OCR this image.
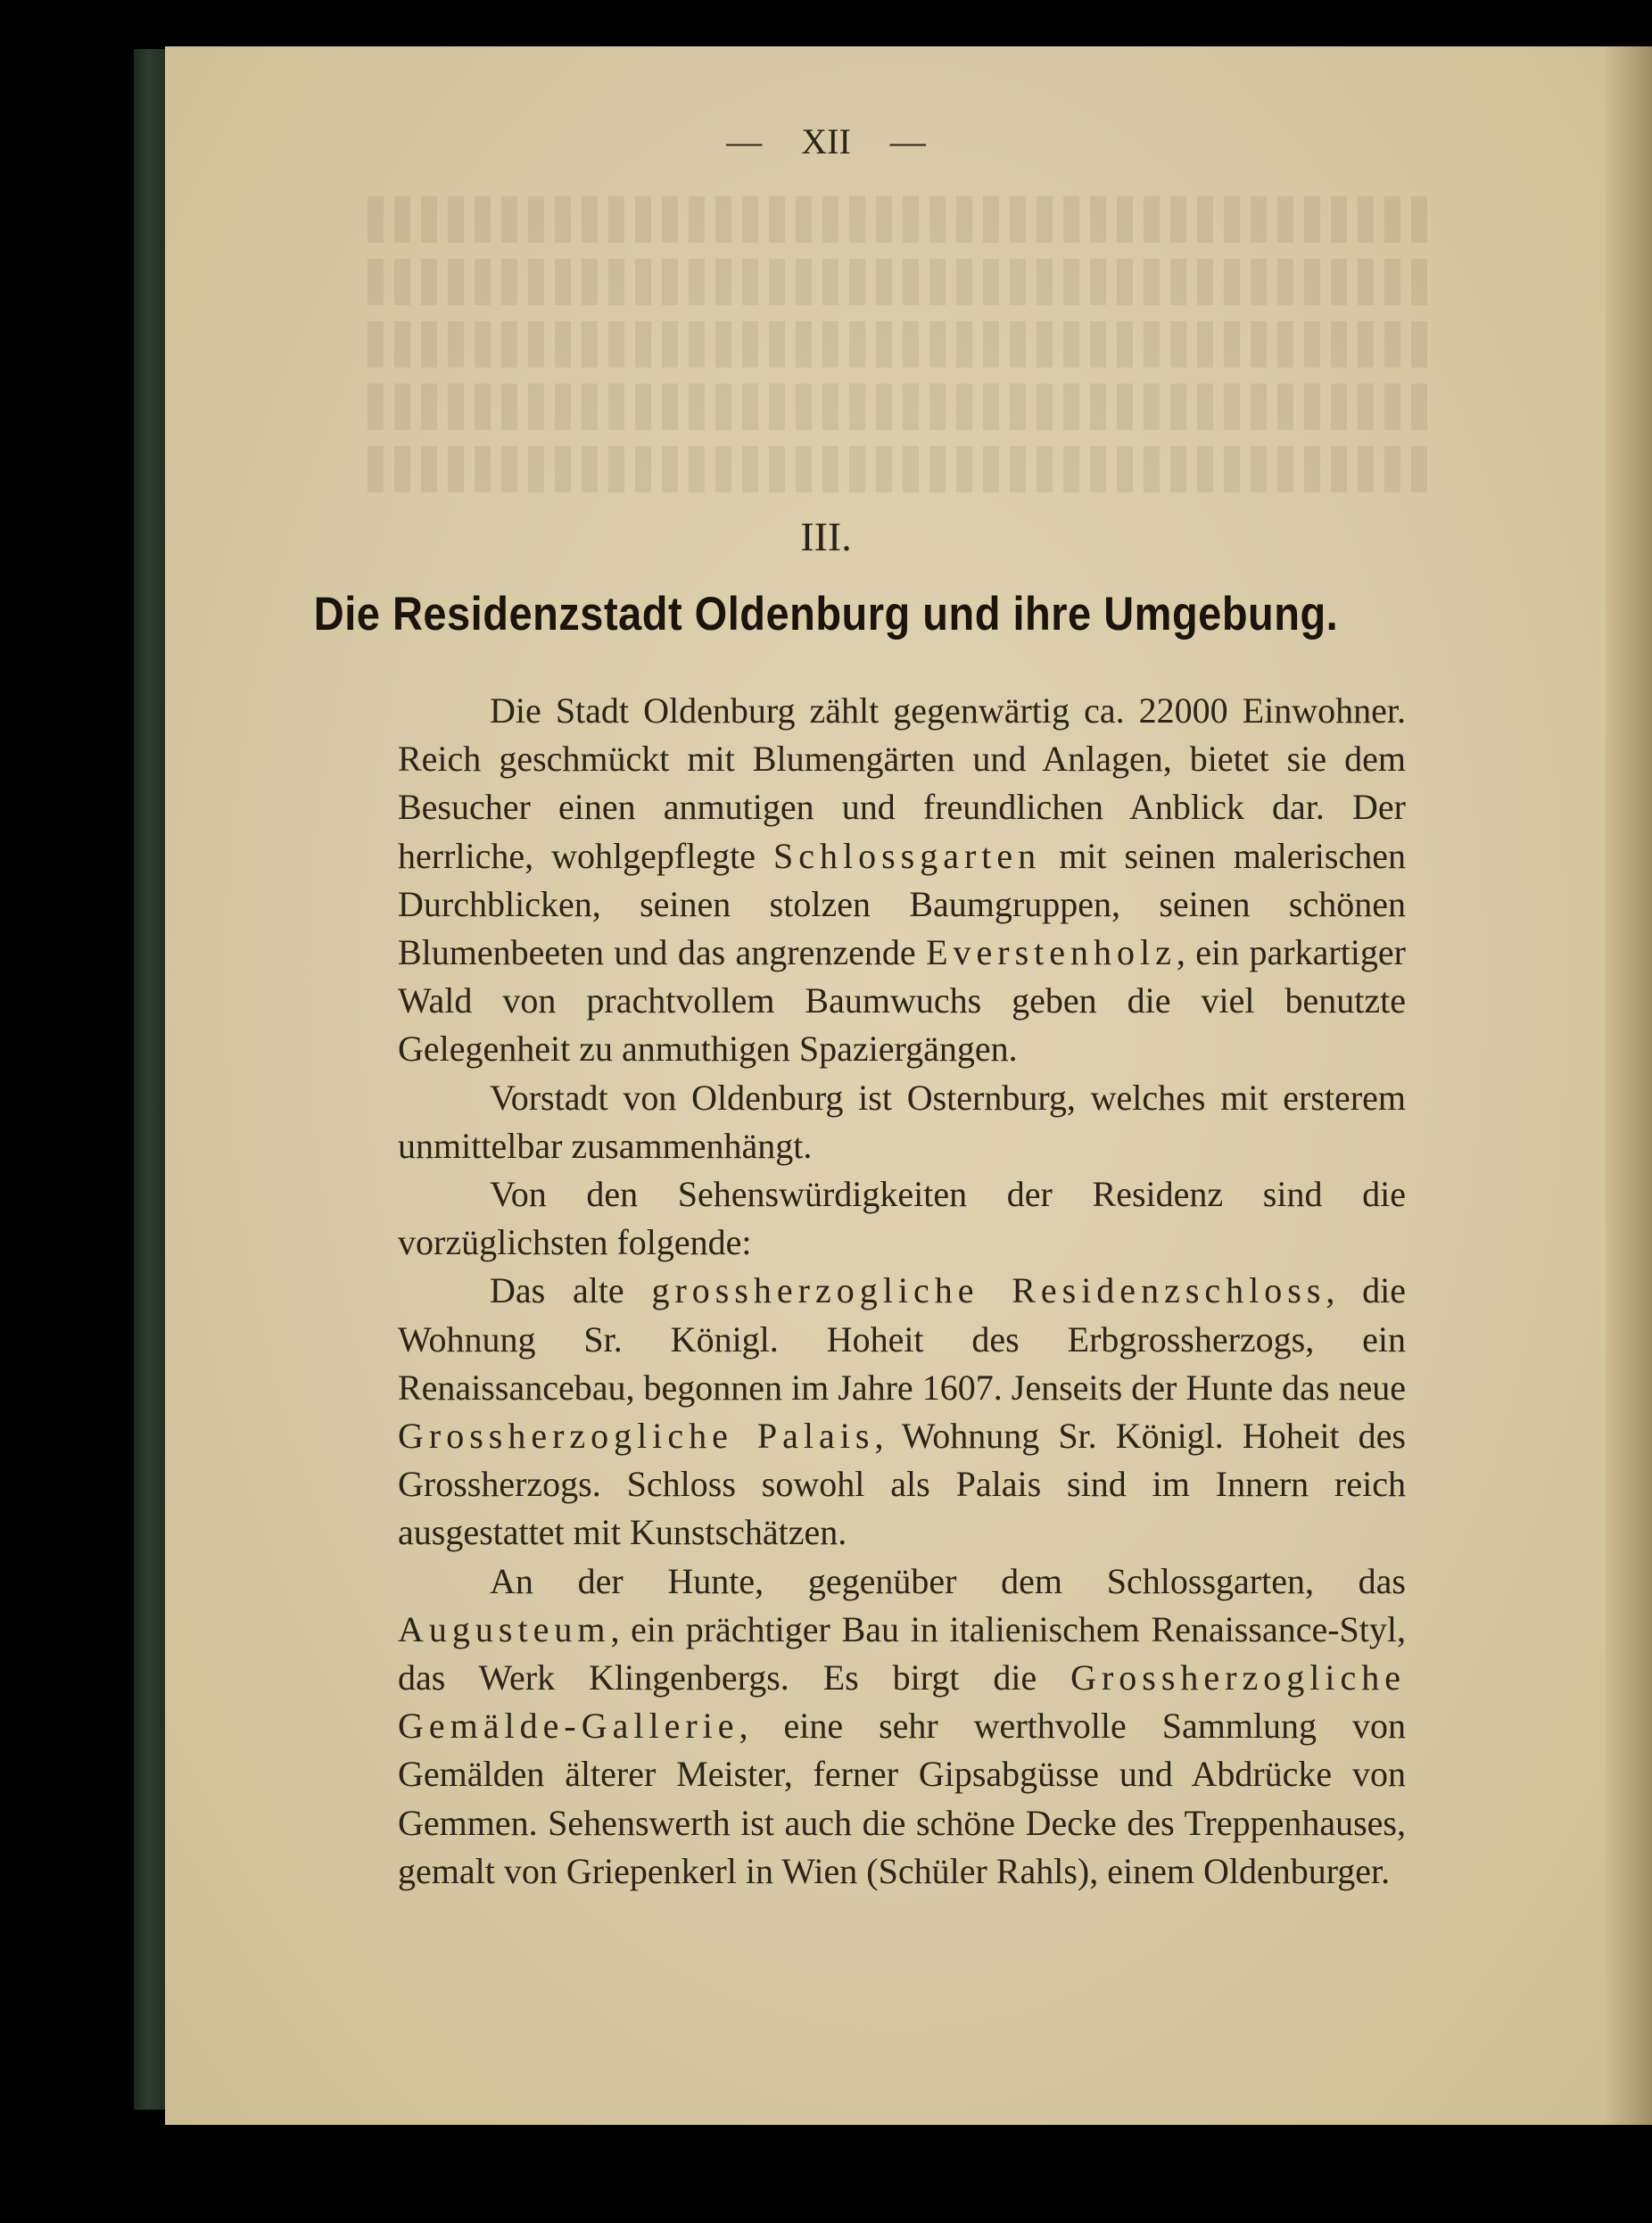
— XII —
III.
Die Residenzstadt Oldenburg und ihre Umgebung.

Die Stadt Oldenburg zählt gegenwärtig ca. 22000 Einwohner. Reich geschmückt mit Blumengärten und Anlagen, bietet sie dem Besucher einen anmutigen und freundlichen Anblick dar. Der herrliche, wohlgepflegte Schlossgarten mit seinen malerischen Durchblicken, seinen stolzen Baumgruppen, seinen schönen Blumenbeeten und das angrenzende Everstenholz, ein parkartiger Wald von prachtvollem Baumwuchs geben die viel benutzte Gelegenheit zu anmuthigen Spaziergängen.

Vorstadt von Oldenburg ist Osternburg, welches mit ersterem unmittelbar zusammenhängt.

Von den Sehenswürdigkeiten der Residenz sind die vorzüglichsten folgende:

Das alte grossherzogliche Residenzschloss, die Wohnung Sr. Königl. Hoheit des Erbgrossherzogs, ein Renaissancebau, begonnen im Jahre 1607. Jenseits der Hunte das neue Grossherzogliche Palais, Wohnung Sr. Königl. Hoheit des Grossherzogs. Schloss sowohl als Palais sind im Innern reich ausgestattet mit Kunstschätzen.

An der Hunte, gegenüber dem Schlossgarten, das Augusteum, ein prächtiger Bau in italienischem Renaissance-Styl, das Werk Klingenbergs. Es birgt die Grossherzogliche Gemälde-Gallerie, eine sehr werthvolle Sammlung von Gemälden älterer Meister, ferner Gipsabgüsse und Abdrücke von Gemmen. Sehenswerth ist auch die schöne Decke des Treppenhauses, gemalt von Griepenkerl in Wien (Schüler Rahls), einem Oldenburger.
